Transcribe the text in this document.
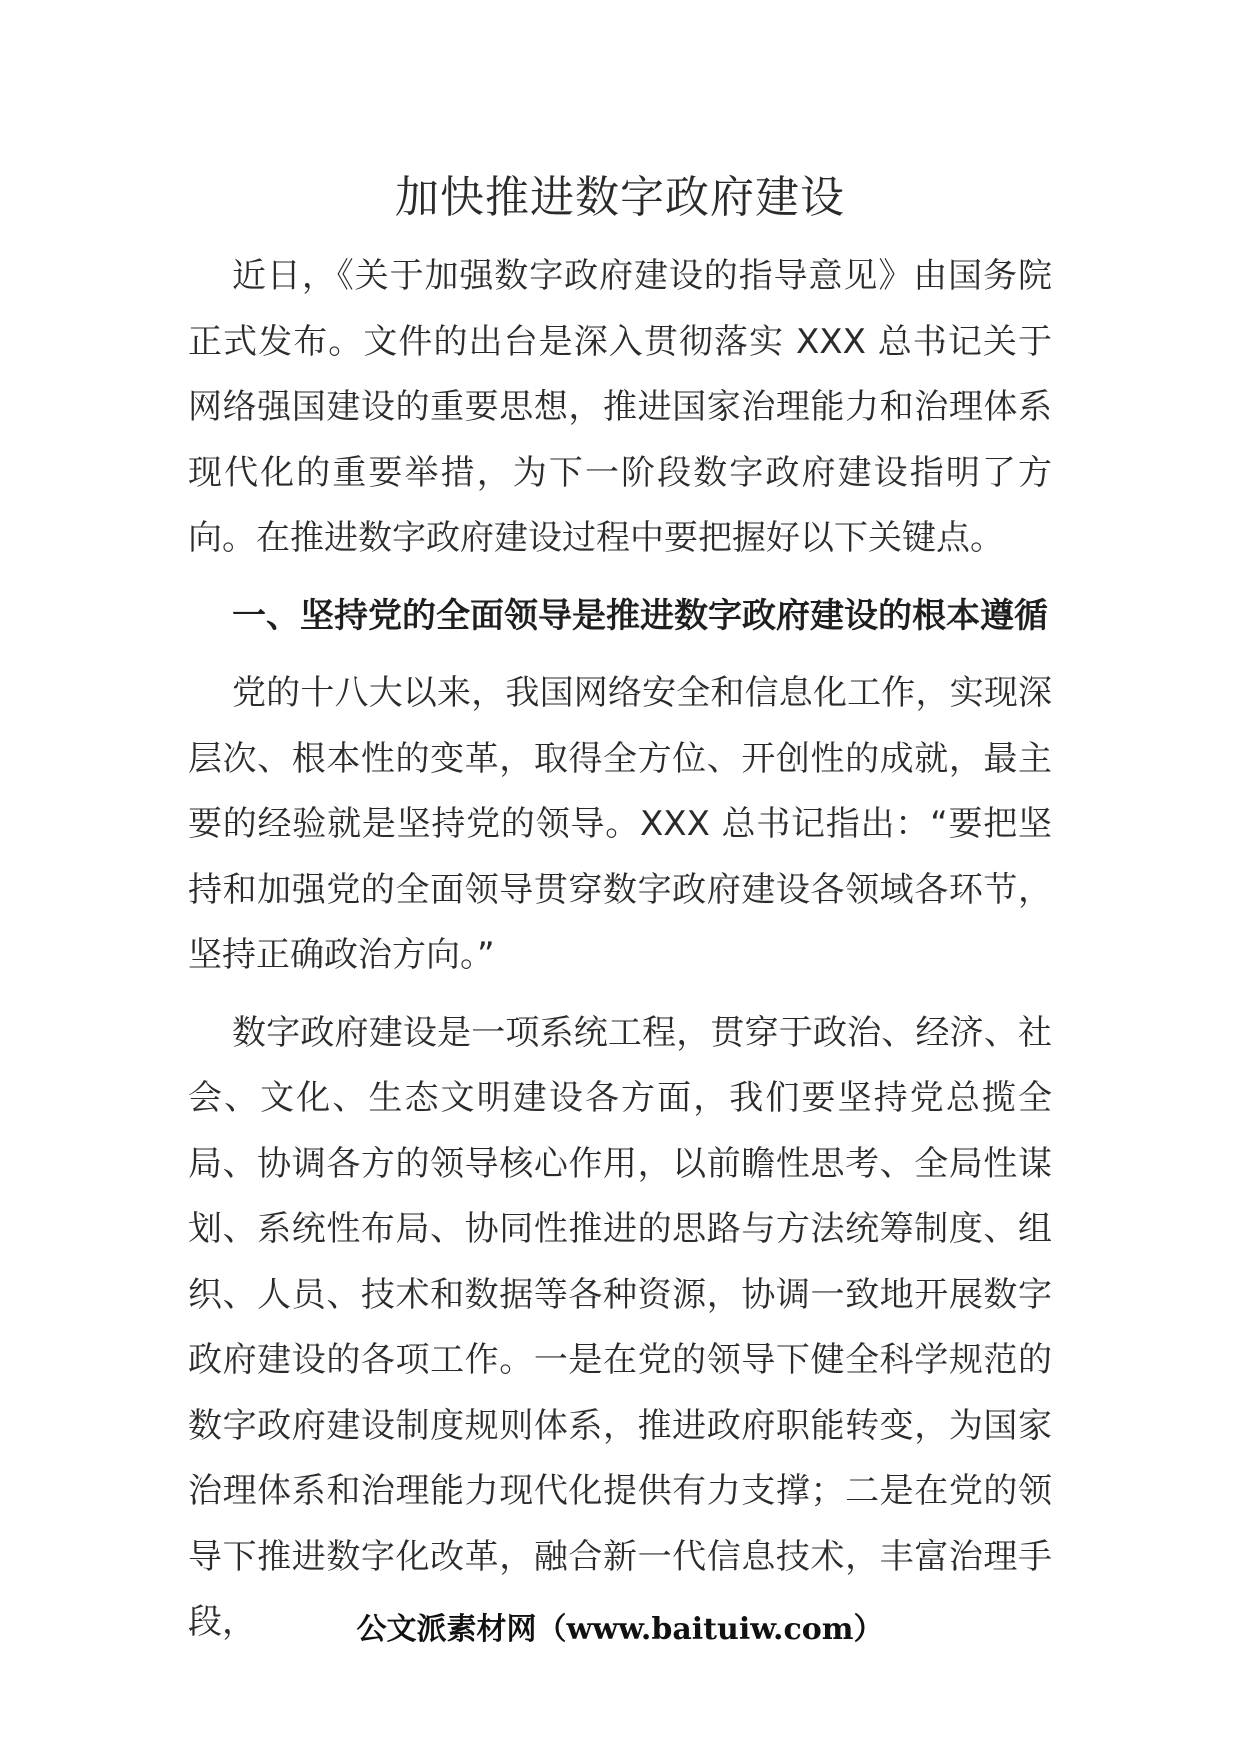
加快推进数字政府建设

近日，《关于加强数字政府建设的指导意见》由国务院正式发布。文件的出台是深入贯彻落实 XXX 总书记关于网络强国建设的重要思想，推进国家治理能力和治理体系现代化的重要举措，为下一阶段数字政府建设指明了方向。在推进数字政府建设过程中要把握好以下关键点。

一、坚持党的全面领导是推进数字政府建设的根本遵循

党的十八大以来，我国网络安全和信息化工作，实现深层次、根本性的变革，取得全方位、开创性的成就，最主要的经验就是坚持党的领导。XXX 总书记指出：“要把坚持和加强党的全面领导贯穿数字政府建设各领域各环节，坚持正确政治方向。”

数字政府建设是一项系统工程，贯穿于政治、经济、社会、文化、生态文明建设各方面，我们要坚持党总揽全局、协调各方的领导核心作用，以前瞻性思考、全局性谋划、系统性布局、协同性推进的思路与方法统筹制度、组织、人员、技术和数据等各种资源，协调一致地开展数字政府建设的各项工作。一是在党的领导下健全科学规范的数字政府建设制度规则体系，推进政府职能转变，为国家治理体系和治理能力现代化提供有力支撑；二是在党的领导下推进数字化改革，融合新一代信息技术，丰富治理手段，	公文派素材网（www.baituiw.com）
